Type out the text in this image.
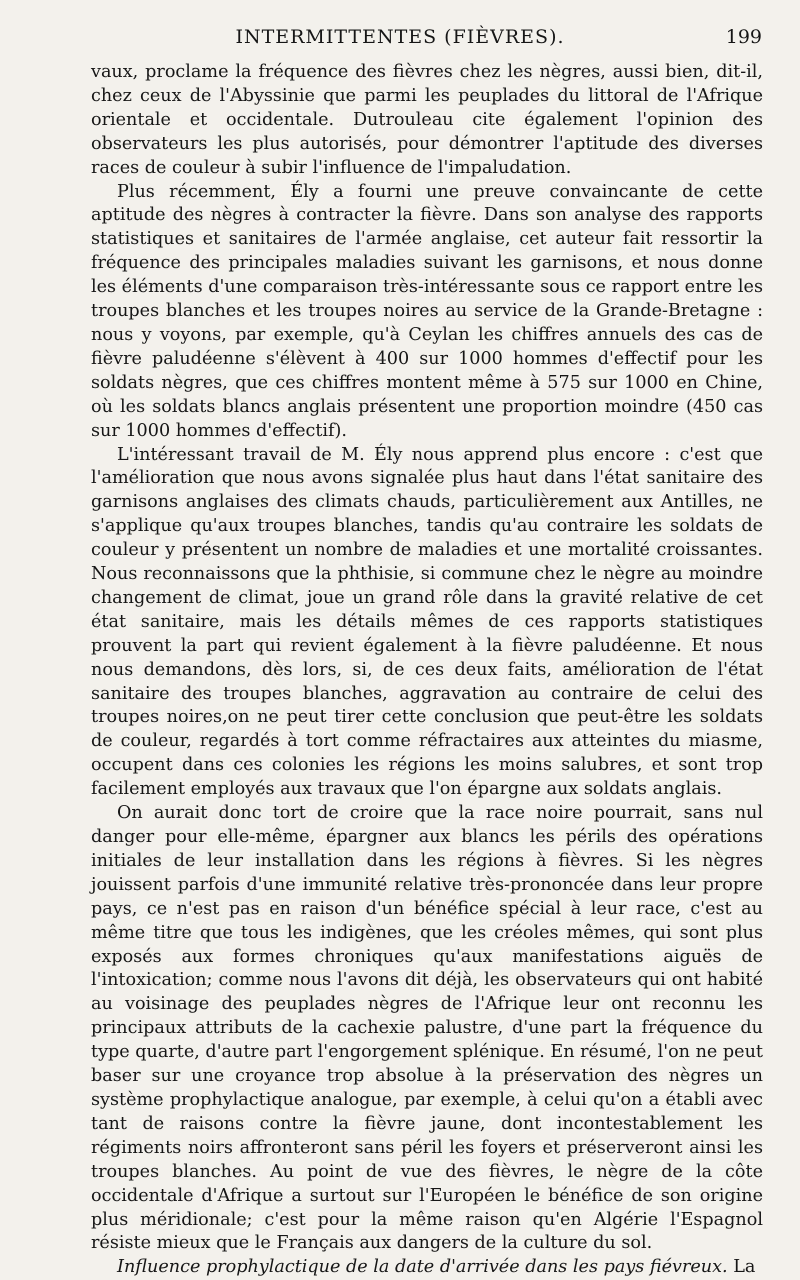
INTERMITTENTES (FIÈVRES).	199

vaux, proclame la fréquence des fièvres chez les nègres, aussi bien, dit-il, chez ceux de l'Abyssinie que parmi les peuplades du littoral de l'Afrique orientale et occidentale. Dutrouleau cite également l'opinion des observateurs les plus autorisés, pour démontrer l'aptitude des diverses races de couleur à subir l'influence de l'impaludation.

Plus récemment, Ély a fourni une preuve convaincante de cette aptitude des nègres à contracter la fièvre. Dans son analyse des rapports statistiques et sanitaires de l'armée anglaise, cet auteur fait ressortir la fréquence des principales maladies suivant les garnisons, et nous donne les éléments d'une comparaison très-intéressante sous ce rapport entre les troupes blanches et les troupes noires au service de la Grande-Bretagne : nous y voyons, par exemple, qu'à Ceylan les chiffres annuels des cas de fièvre paludéenne s'élèvent à 400 sur 1000 hommes d'effectif pour les soldats nègres, que ces chiffres montent même à 575 sur 1000 en Chine, où les soldats blancs anglais présentent une proportion moindre (450 cas sur 1000 hommes d'effectif).

L'intéressant travail de M. Ély nous apprend plus encore : c'est que l'amélioration que nous avons signalée plus haut dans l'état sanitaire des garnisons anglaises des climats chauds, particulièrement aux Antilles, ne s'applique qu'aux troupes blanches, tandis qu'au contraire les soldats de couleur y présentent un nombre de maladies et une mortalité croissantes. Nous reconnaissons que la phthisie, si commune chez le nègre au moindre changement de climat, joue un grand rôle dans la gravité relative de cet état sanitaire, mais les détails mêmes de ces rapports statistiques prouvent la part qui revient également à la fièvre paludéenne. Et nous nous demandons, dès lors, si, de ces deux faits, amélioration de l'état sanitaire des troupes blanches, aggravation au contraire de celui des troupes noires,on ne peut tirer cette conclusion que peut-être les soldats de couleur, regardés à tort comme réfractaires aux atteintes du miasme, occupent dans ces colonies les régions les moins salubres, et sont trop facilement employés aux travaux que l'on épargne aux soldats anglais.

On aurait donc tort de croire que la race noire pourrait, sans nul danger pour elle-même, épargner aux blancs les périls des opérations initiales de leur installation dans les régions à fièvres. Si les nègres jouissent parfois d'une immunité relative très-prononcée dans leur propre pays, ce n'est pas en raison d'un bénéfice spécial à leur race, c'est au même titre que tous les indigènes, que les créoles mêmes, qui sont plus exposés aux formes chroniques qu'aux manifestations aiguës de l'intoxication; comme nous l'avons dit déjà, les observateurs qui ont habité au voisinage des peuplades nègres de l'Afrique leur ont reconnu les principaux attributs de la cachexie palustre, d'une part la fréquence du type quarte, d'autre part l'engorgement splénique. En résumé, l'on ne peut baser sur une croyance trop absolue à la préservation des nègres un système prophylactique analogue, par exemple, à celui qu'on a établi avec tant de raisons contre la fièvre jaune, dont incontestablement les régiments noirs affronteront sans péril les foyers et préserveront ainsi les troupes blanches. Au point de vue des fièvres, le nègre de la côte occidentale d'Afrique a surtout sur l'Européen le bénéfice de son origine plus méridionale; c'est pour la même raison qu'en Algérie l'Espagnol résiste mieux que le Français aux dangers de la culture du sol.

Influence prophylactique de la date d'arrivée dans les pays fiévreux. La
